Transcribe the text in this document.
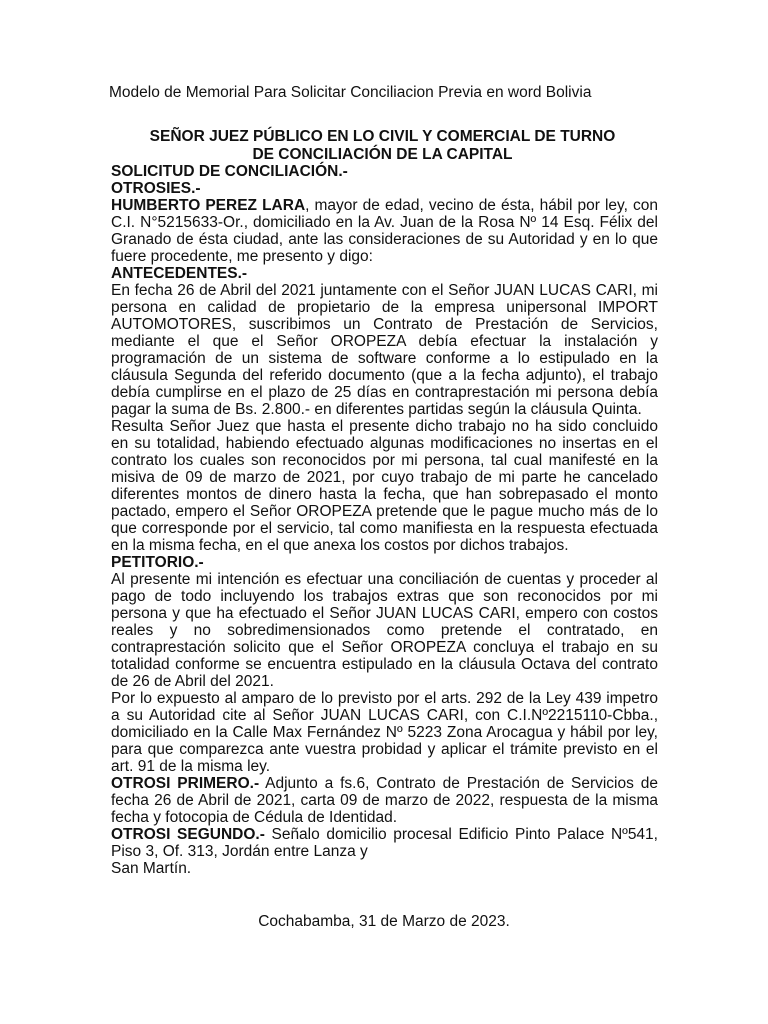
Modelo de Memorial Para Solicitar Conciliacion Previa en word Bolivia
SEÑOR JUEZ PÚBLICO EN LO CIVIL Y COMERCIAL DE TURNO
DE CONCILIACIÓN DE LA CAPITAL
SOLICITUD DE CONCILIACIÓN.-
OTROSIES.-
HUMBERTO PEREZ LARA, mayor de edad, vecino de ésta, hábil por ley, con C.I. N°5215633-Or., domiciliado en la Av. Juan de la Rosa Nº 14 Esq. Félix del Granado de ésta ciudad, ante las consideraciones de su Autoridad y en lo que fuere procedente, me presento y digo:
ANTECEDENTES.-
En fecha 26 de Abril del 2021 juntamente con el Señor JUAN LUCAS CARI, mi persona en calidad de propietario de la empresa unipersonal IMPORT AUTOMOTORES, suscribimos un Contrato de Prestación de Servicios, mediante el que el Señor OROPEZA debía efectuar la instalación y programación de un sistema de software conforme a lo estipulado en la cláusula Segunda del referido documento (que a la fecha adjunto), el trabajo debía cumplirse en el plazo de 25 días en contraprestación mi persona debía pagar la suma de Bs. 2.800.- en diferentes partidas según la cláusula Quinta.
Resulta Señor Juez que hasta el presente dicho trabajo no ha sido concluido en su totalidad, habiendo efectuado algunas modificaciones no insertas en el contrato los cuales son reconocidos por mi persona, tal cual manifesté en la misiva de 09 de marzo de 2021, por cuyo trabajo de mi parte he cancelado diferentes montos de dinero hasta la fecha, que han sobrepasado el monto pactado, empero el Señor OROPEZA pretende que le pague mucho más de lo que corresponde por el servicio, tal como manifiesta en la respuesta efectuada en la misma fecha, en el que anexa los costos por dichos trabajos.
PETITORIO.-
Al presente mi intención es efectuar una conciliación de cuentas y proceder al pago de todo incluyendo los trabajos extras que son reconocidos por mi persona y que ha efectuado el Señor JUAN LUCAS CARI, empero con costos reales y no sobredimensionados como pretende el contratado, en contraprestación solicito que el Señor OROPEZA concluya el trabajo en su totalidad conforme se encuentra estipulado en la cláusula Octava del contrato de 26 de Abril del 2021.
Por lo expuesto al amparo de lo previsto por el arts. 292 de la Ley 439 impetro a su Autoridad cite al Señor JUAN LUCAS CARI, con C.I.Nº2215110-Cbba., domiciliado en la Calle Max Fernández Nº 5223 Zona Arocagua y hábil por ley, para que comparezca ante vuestra probidad y aplicar el trámite previsto en el art. 91 de la misma ley.
OTROSI PRIMERO.- Adjunto a fs.6, Contrato de Prestación de Servicios de fecha 26 de Abril de 2021, carta 09 de marzo de 2022, respuesta de la misma fecha y fotocopia de Cédula de Identidad.
OTROSI SEGUNDO.- Señalo domicilio procesal Edificio Pinto Palace Nº541, Piso 3, Of. 313, Jordán entre Lanza y
San Martín.
Cochabamba, 31 de Marzo de 2023.
